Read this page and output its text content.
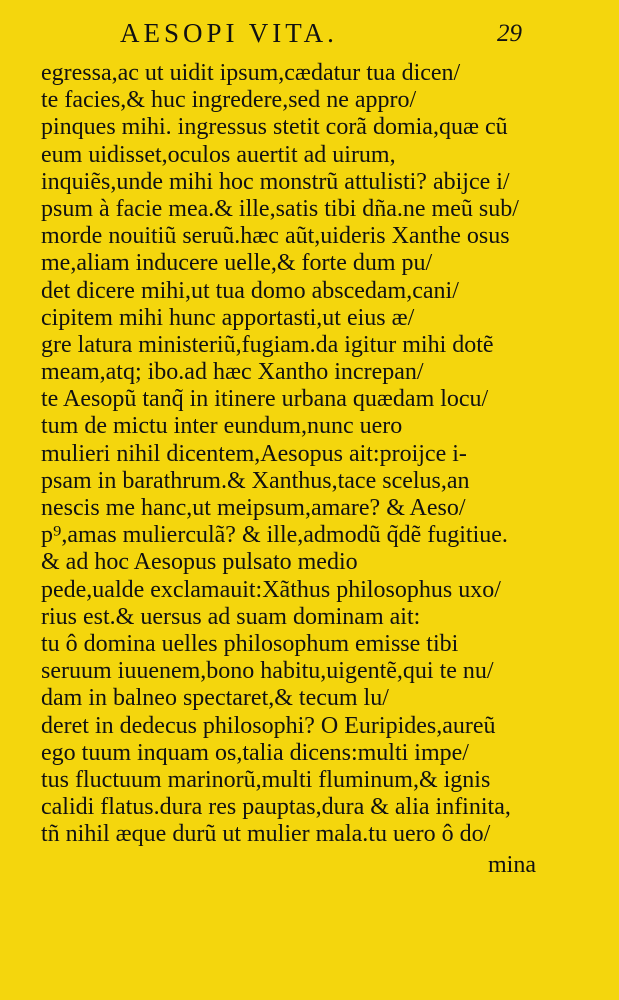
AESOPI VITA.	29
egressa,ac ut uidit ipsum,cædatur tua dicen/
te facies,& huc ingredere,sed ne appro/
pinques mihi. ingressus stetit corã domia,quæ cũ
eum uidisset,oculos auertit ad uirum,
inquiẽs,unde mihi hoc monstrũ attulisti? abijce i/
psum à facie mea.& ille,satis tibi dña.ne meũ sub/
morde nouitiũ seruũ.hæc aũt,uideris Xanthe osus
me,aliam inducere uelle,& forte dum pu/
det dicere mihi,ut tua domo abscedam,cani/
cipitem mihi hunc apportasti,ut eius æ/
gre latura ministeriũ,fugiam.da igitur mihi dotẽ
meam,atq; ibo.ad hæc Xantho increpan/
te Aesopũ tanq̃ in itinere urbana quædam locu/
tum de mictu inter eundum,nunc uero
mulieri nihil dicentem,Aesopus ait:proijce i-
psam in barathrum.& Xanthus,tace scelus,an
nescis me hanc,ut meipsum,amare? & Aeso/
p⁹,amas mulierculã? & ille,admodũ q̃dẽ fugitiue.
& ad hoc Aesopus pulsato medio
pede,ualde exclamauit:Xãthus philosophus uxo/
rius est.& uersus ad suam dominam ait:
tu ô domina uelles philosophum emisse tibi
seruum iuuenem,bono habitu,uigentẽ,qui te nu/
dam in balneo spectaret,& tecum lu/
deret in dedecus philosophi? O Euripides,aureũ
ego tuum inquam os,talia dicens:multi impe/
tus fluctuum marinorũ,multi fluminum,& ignis
calidi flatus.dura res pauptas,dura & alia infinita,
tñ nihil æque durũ ut mulier mala.tu uero ô do/
mina
